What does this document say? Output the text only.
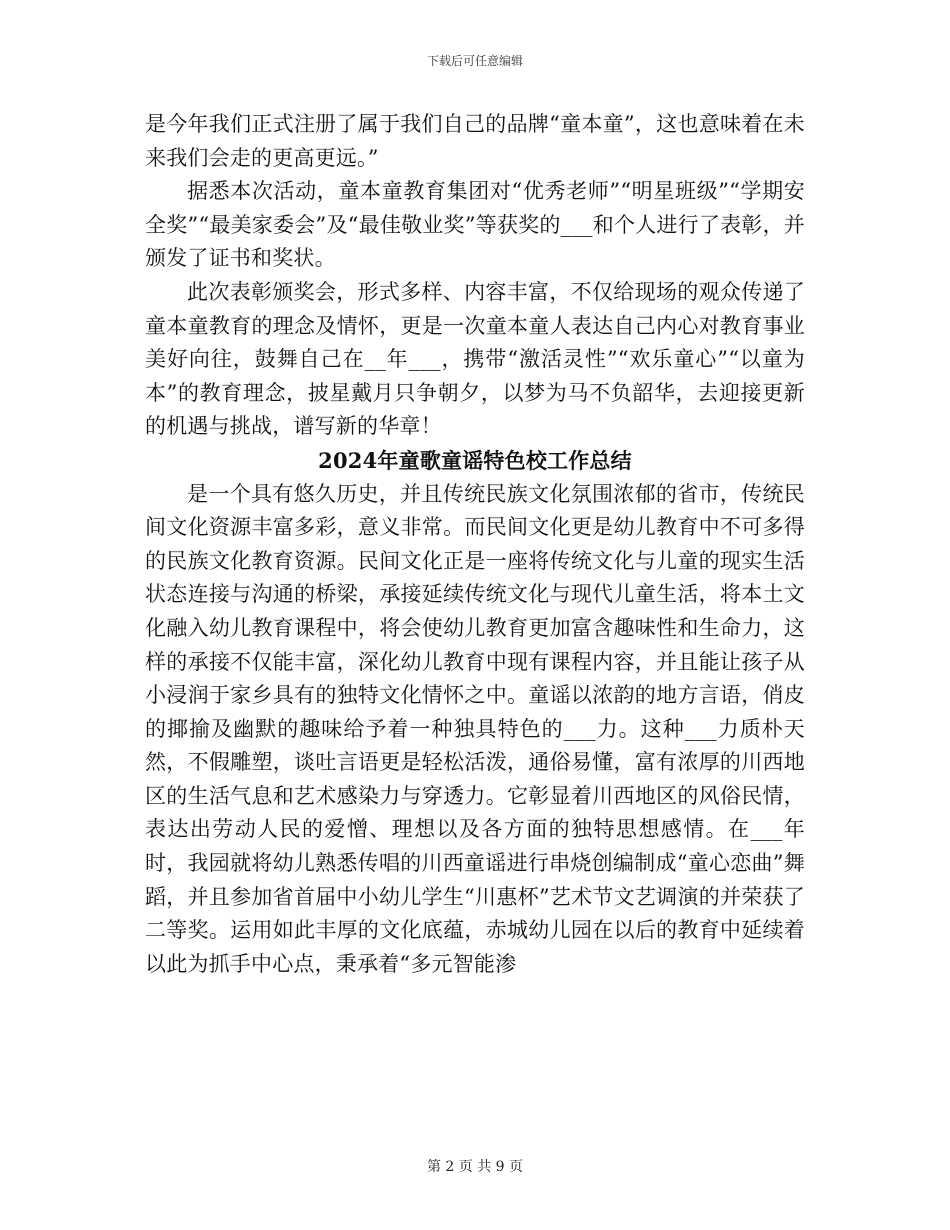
下载后可任意编辑

是今年我们正式注册了属于我们自己的品牌“童本童”，这也意味着在未来我们会走的更高更远。”

据悉本次活动，童本童教育集团对“优秀老师”“明星班级”“学期安全奖”“最美家委会”及“最佳敬业奖”等获奖的___和个人进行了表彰，并颁发了证书和奖状。

此次表彰颁奖会，形式多样、内容丰富，不仅给现场的观众传递了童本童教育的理念及情怀，更是一次童本童人表达自己内心对教育事业美好向往，鼓舞自己在__年___，携带“激活灵性”“欢乐童心”“以童为本”的教育理念，披星戴月只争朝夕，以梦为马不负韶华，去迎接更新的机遇与挑战，谱写新的华章！

2024年童歌童谣特色校工作总结

是一个具有悠久历史，并且传统民族文化氛围浓郁的省市，传统民间文化资源丰富多彩，意义非常。而民间文化更是幼儿教育中不可多得的民族文化教育资源。民间文化正是一座将传统文化与儿童的现实生活状态连接与沟通的桥梁，承接延续传统文化与现代儿童生活，将本土文化融入幼儿教育课程中，将会使幼儿教育更加富含趣味性和生命力，这样的承接不仅能丰富，深化幼儿教育中现有课程内容，并且能让孩子从小浸润于家乡具有的独特文化情怀之中。童谣以浓韵的地方言语，俏皮的揶揄及幽默的趣味给予着一种独具特色的___力。这种___力质朴天然，不假雕塑，谈吐言语更是轻松活泼，通俗易懂，富有浓厚的川西地区的生活气息和艺术感染力与穿透力。它彰显着川西地区的风俗民情，表达出劳动人民的爱憎、理想以及各方面的独特思想感情。在___年时，我园就将幼儿熟悉传唱的川西童谣进行串烧创编制成“童心恋曲”舞蹈，并且参加省首届中小幼儿学生“川惠杯”艺术节文艺调演的并荣获了二等奖。运用如此丰厚的文化底蕴，赤城幼儿园在以后的教育中延续着以此为抓手中心点，秉承着“多元智能渗

第 2 页 共 9 页
